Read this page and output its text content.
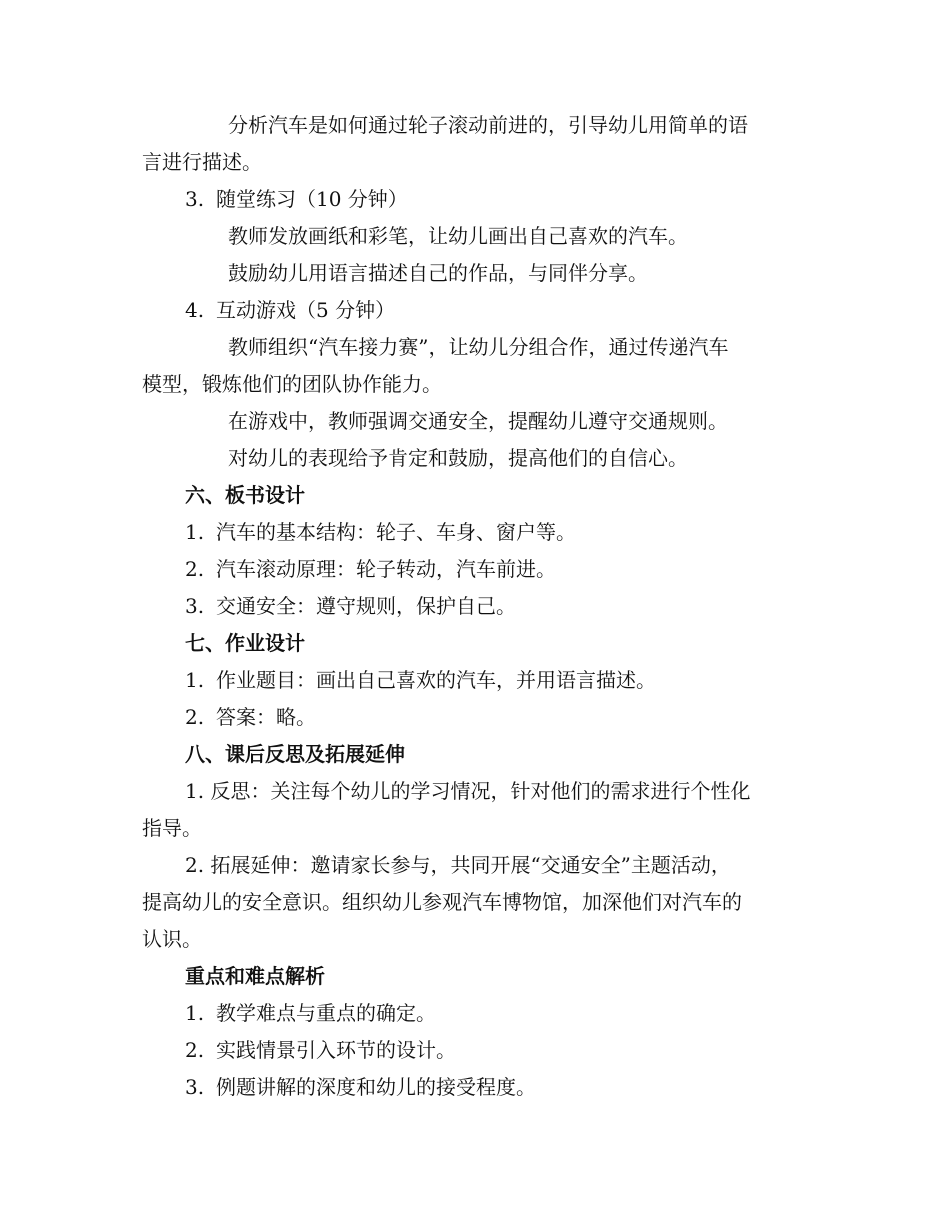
分析汽车是如何通过轮子滚动前进的，引导幼儿用简单的语
言进行描述。
3. 随堂练习（10 分钟）
教师发放画纸和彩笔，让幼儿画出自己喜欢的汽车。
鼓励幼儿用语言描述自己的作品，与同伴分享。
4. 互动游戏（5 分钟）
教师组织“汽车接力赛”，让幼儿分组合作，通过传递汽车
模型，锻炼他们的团队协作能力。
在游戏中，教师强调交通安全，提醒幼儿遵守交通规则。
对幼儿的表现给予肯定和鼓励，提高他们的自信心。
六、板书设计
1. 汽车的基本结构：轮子、车身、窗户等。
2. 汽车滚动原理：轮子转动，汽车前进。
3. 交通安全：遵守规则，保护自己。
七、作业设计
1. 作业题目：画出自己喜欢的汽车，并用语言描述。
2. 答案：略。
八、课后反思及拓展延伸
1. 反思：关注每个幼儿的学习情况，针对他们的需求进行个性化
指导。
2. 拓展延伸：邀请家长参与，共同开展“交通安全”主题活动，
提高幼儿的安全意识。组织幼儿参观汽车博物馆，加深他们对汽车的
认识。
重点和难点解析
1. 教学难点与重点的确定。
2. 实践情景引入环节的设计。
3. 例题讲解的深度和幼儿的接受程度。
